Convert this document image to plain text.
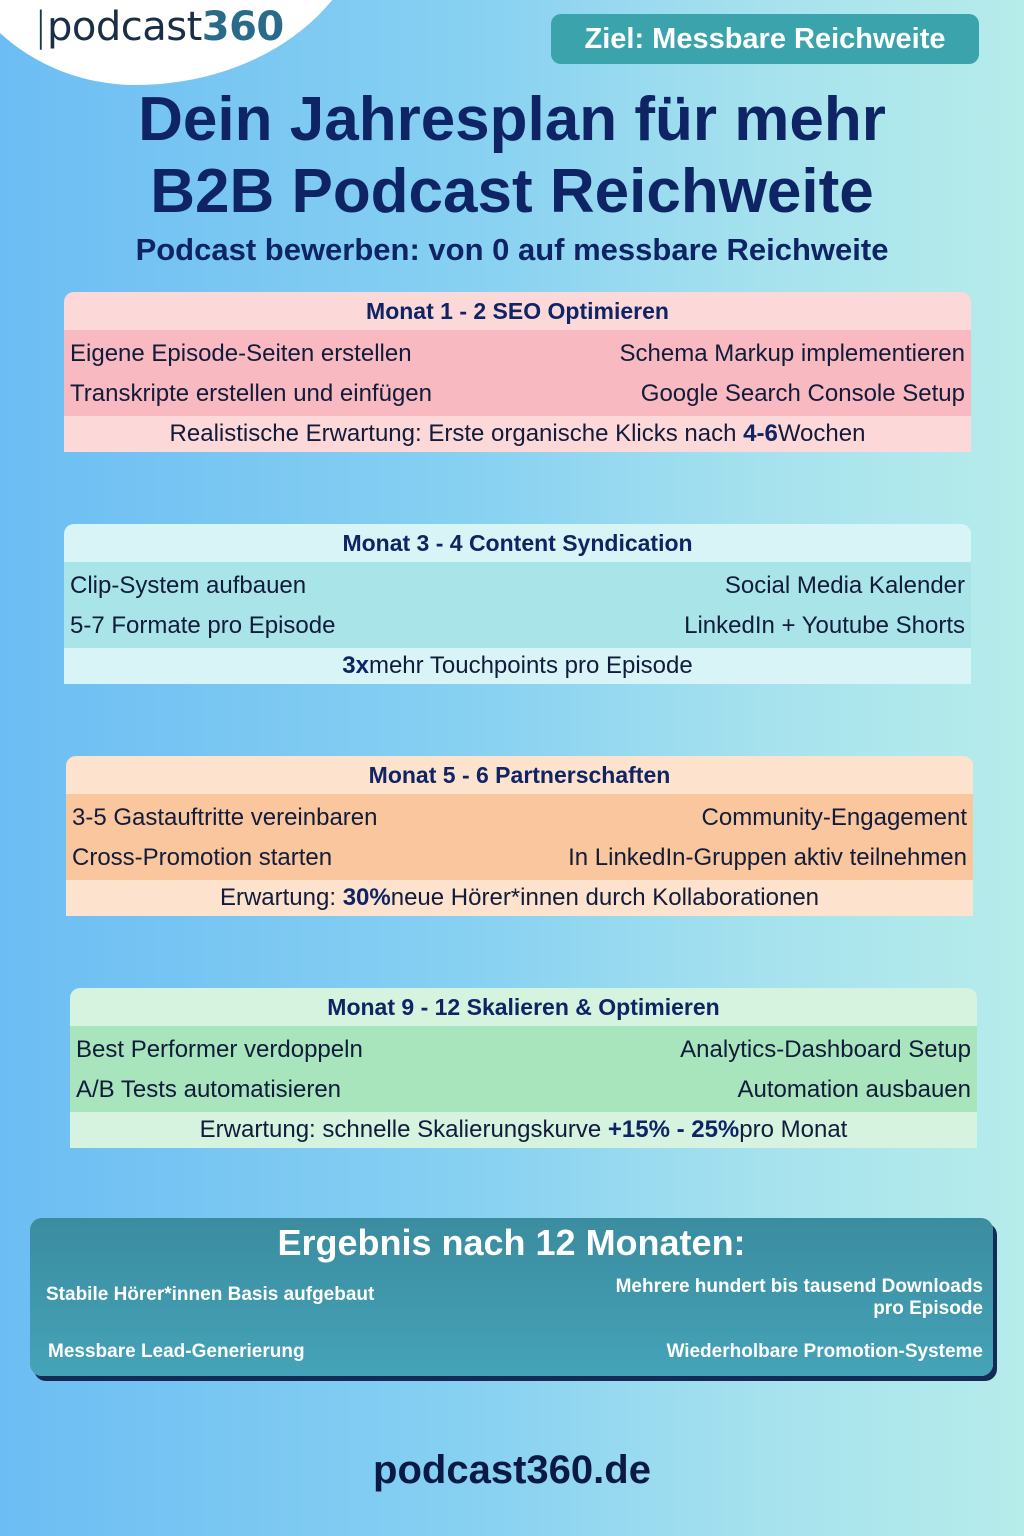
|podcast360	Ziel: Messbare Reichweite
Dein Jahresplan für mehr
B2B Podcast Reichweite
Podcast bewerben: von 0 auf messbare Reichweite
Monat 1 - 2 SEO Optimieren
Eigene Episode-Seiten erstellen	Schema Markup implementieren
Transkripte erstellen und einfügen	Google Search Console Setup
Realistische Erwartung: Erste organische Klicks nach
4-6 Wochen
Monat 3 - 4 Content Syndication
Clip-System aufbauen	Social Media Kalender
5-7 Formate pro Episode	LinkedIn + Youtube Shorts
3x mehr Touchpoints pro Episode
Monat 5 - 6 Partnerschaften
3-5 Gastauftritte vereinbaren	Community-Engagement
Cross-Promotion starten	In LinkedIn-Gruppen aktiv teilnehmen
Erwartung:
30% neue Hörer*innen durch Kollaborationen
Monat 9 - 12 Skalieren & Optimieren
Best Performer verdoppeln	Analytics-Dashboard Setup
A/B Tests automatisieren	Automation ausbauen
Erwartung: schnelle Skalierungskurve
+15% - 25% pro Monat
Ergebnis nach 12 Monaten:
Stabile Hörer*innen Basis aufgebaut	Mehrere hundert bis tausend Downloads
pro Episode
Messbare Lead-Generierung	Wiederholbare Promotion-Systeme
podcast360.de
